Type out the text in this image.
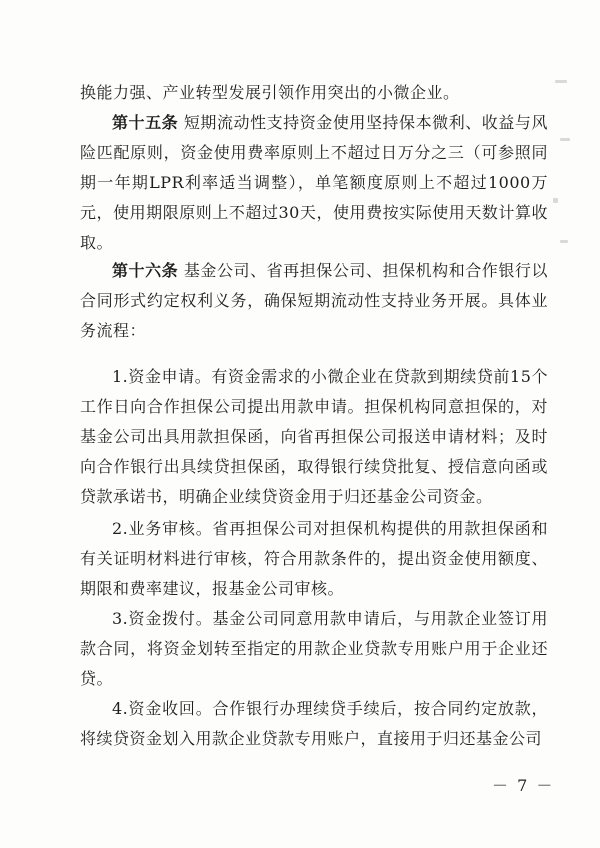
换能力强、产业转型发展引领作用突出的小微企业。
第十五条 短期流动性支持资金使用坚持保本微利、收益与风险匹配原则，资金使用费率原则上不超过日万分之三（可参照同期一年期LPR利率适当调整），单笔额度原则上不超过1000万元，使用期限原则上不超过30天，使用费按实际使用天数计算收取。
第十六条 基金公司、省再担保公司、担保机构和合作银行以合同形式约定权利义务，确保短期流动性支持业务开展。具体业务流程：
1.资金申请。有资金需求的小微企业在贷款到期续贷前15个工作日向合作担保公司提出用款申请。担保机构同意担保的，对基金公司出具用款担保函，向省再担保公司报送申请材料；及时向合作银行出具续贷担保函，取得银行续贷批复、授信意向函或贷款承诺书，明确企业续贷资金用于归还基金公司资金。
2.业务审核。省再担保公司对担保机构提供的用款担保函和有关证明材料进行审核，符合用款条件的，提出资金使用额度、期限和费率建议，报基金公司审核。
3.资金拨付。基金公司同意用款申请后，与用款企业签订用款合同，将资金划转至指定的用款企业贷款专用账户用于企业还贷。
4.资金收回。合作银行办理续贷手续后，按合同约定放款，将续贷资金划入用款企业贷款专用账户，直接用于归还基金公司
－ 7 －
